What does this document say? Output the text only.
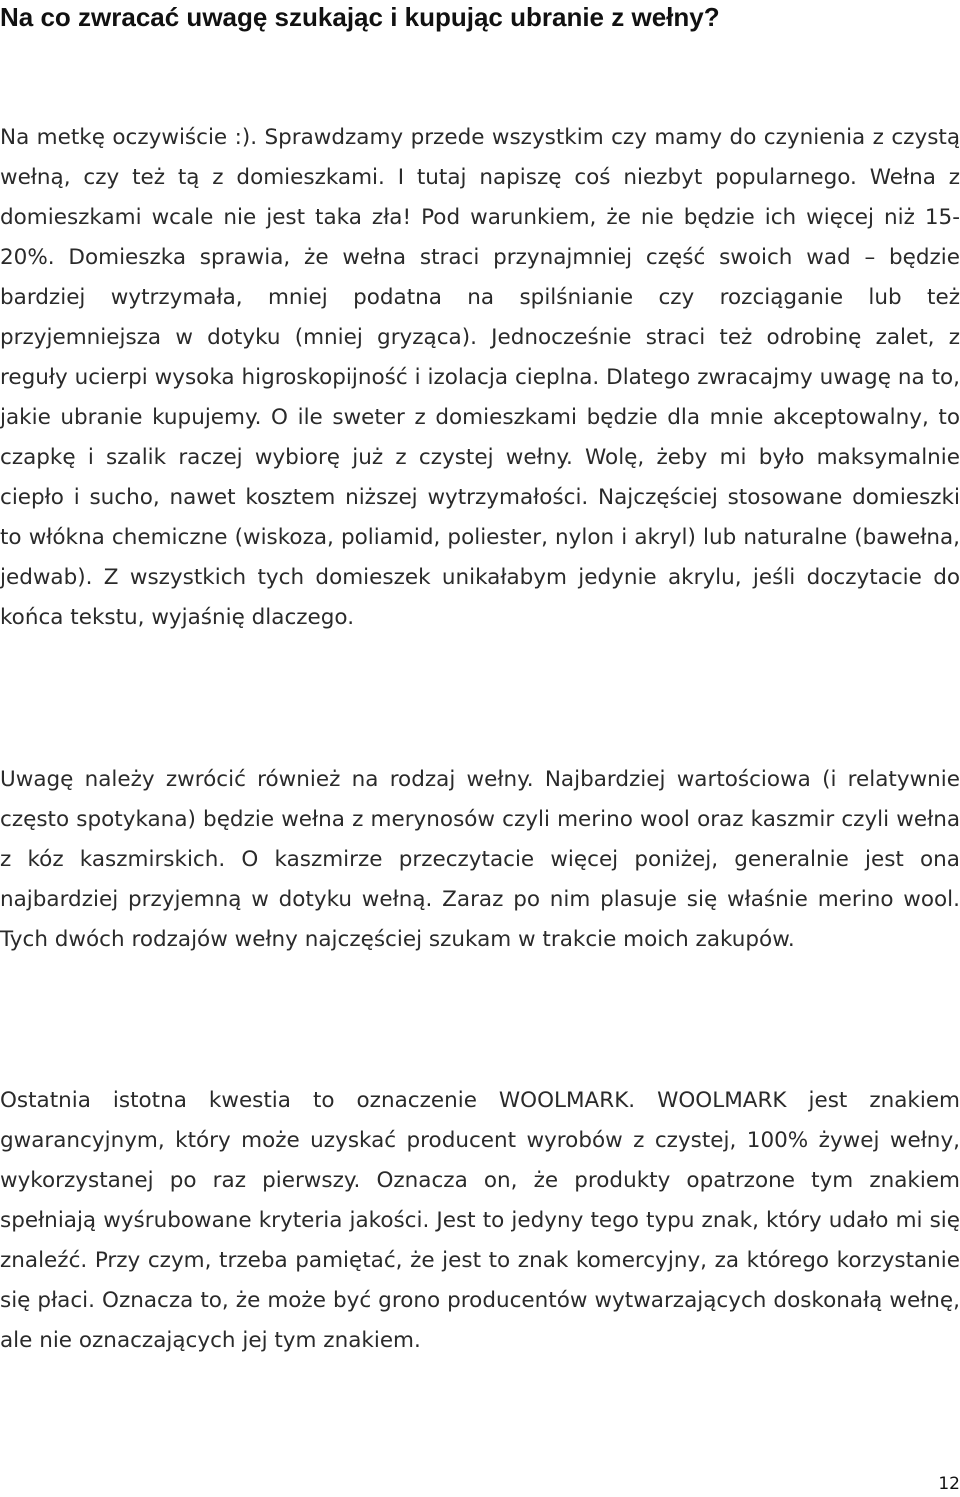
Na co zwracać uwagę szukając i kupując ubranie z wełny?

Na metkę oczywiście :). Sprawdzamy przede wszystkim czy mamy do czynienia z czystą wełną, czy też tą z domieszkami. I tutaj napiszę coś niezbyt popularnego. Wełna z domieszkami wcale nie jest taka zła! Pod warunkiem, że nie będzie ich więcej niż 15-20%. Domieszka sprawia, że wełna straci przynajmniej część swoich wad – będzie bardziej wytrzymała, mniej podatna na spilśnianie czy rozciąganie lub też przyjemniejsza w dotyku (mniej gryząca). Jednocześnie straci też odrobinę zalet, z reguły ucierpi wysoka higroskopijność i izolacja cieplna. Dlatego zwracajmy uwagę na to, jakie ubranie kupujemy. O ile sweter z domieszkami będzie dla mnie akceptowalny, to czapkę i szalik raczej wybiorę już z czystej wełny. Wolę, żeby mi było maksymalnie ciepło i sucho, nawet kosztem niższej wytrzymałości. Najczęściej stosowane domieszki to włókna chemiczne (wiskoza, poliamid, poliester, nylon i akryl) lub naturalne (bawełna, jedwab). Z wszystkich tych domieszek unikałabym jedynie akrylu, jeśli doczytacie do końca tekstu, wyjaśnię dlaczego.

Uwagę należy zwrócić również na rodzaj wełny. Najbardziej wartościowa (i relatywnie często spotykana) będzie wełna z merynosów czyli merino wool oraz kaszmir czyli wełna z kóz kaszmirskich. O kaszmirze przeczytacie więcej poniżej, generalnie jest ona najbardziej przyjemną w dotyku wełną. Zaraz po nim plasuje się właśnie merino wool. Tych dwóch rodzajów wełny najczęściej szukam w trakcie moich zakupów.

Ostatnia istotna kwestia to oznaczenie WOOLMARK. WOOLMARK jest znakiem gwarancyjnym, który może uzyskać producent wyrobów z czystej, 100% żywej wełny, wykorzystanej po raz pierwszy. Oznacza on, że produkty opatrzone tym znakiem spełniają wyśrubowane kryteria jakości. Jest to jedyny tego typu znak, który udało mi się znaleźć. Przy czym, trzeba pamiętać, że jest to znak komercyjny, za którego korzystanie się płaci. Oznacza to, że może być grono producentów wytwarzających doskonałą wełnę, ale nie oznaczających jej tym znakiem.

12
